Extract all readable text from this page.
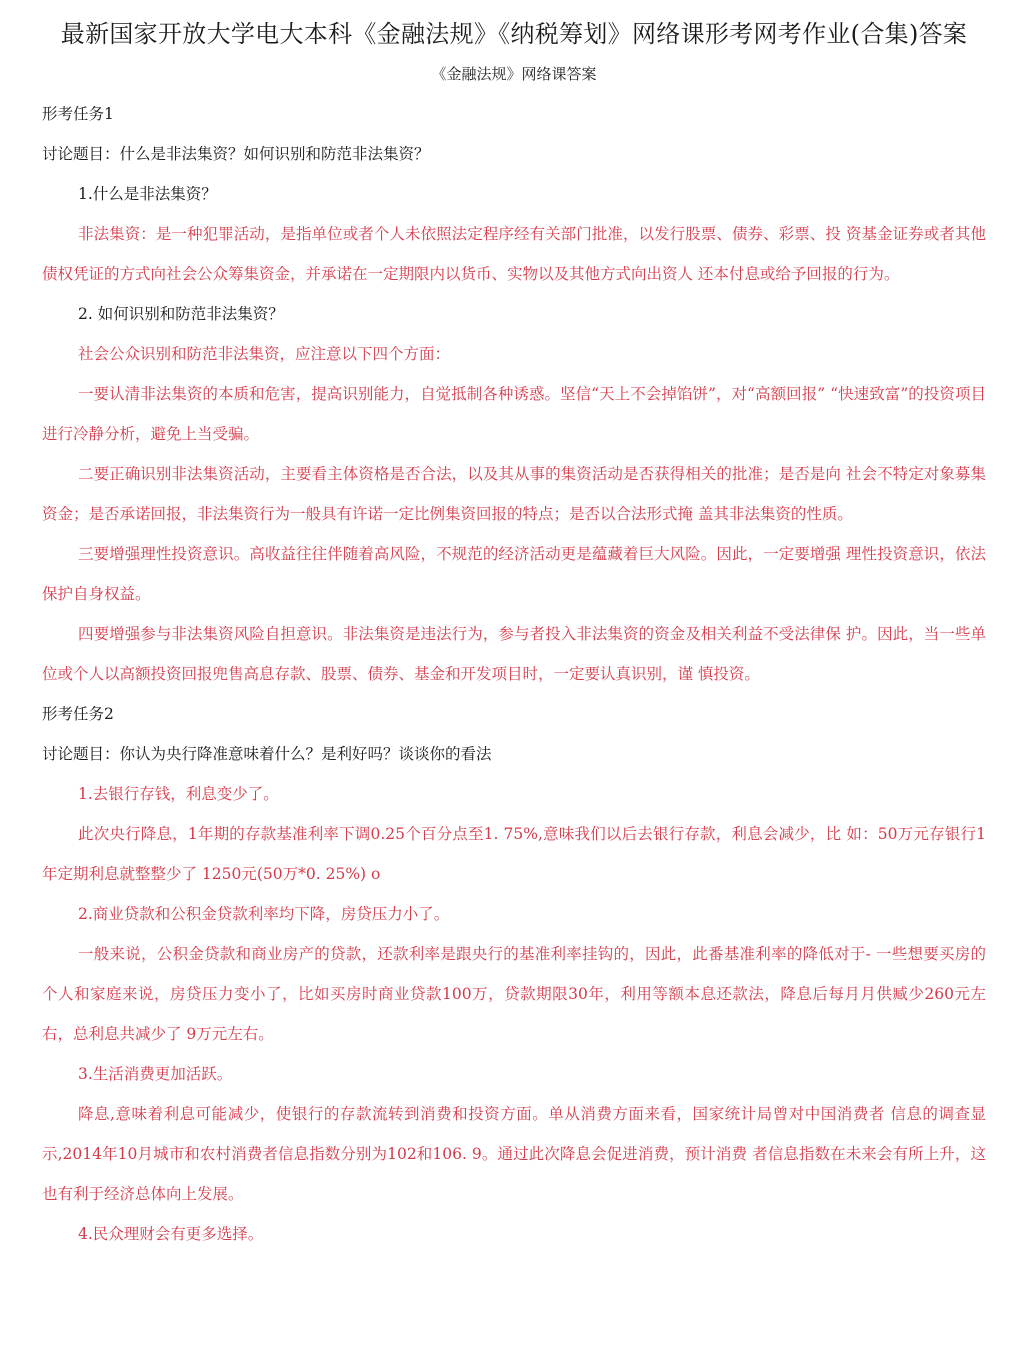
最新国家开放大学电大本科《金融法规》《纳税筹划》网络课形考网考作业(合集)答案
《金融法规》网络课答案
形考任务1
讨论题目：什么是非法集资？如何识别和防范非法集资？
1.什么是非法集资？

非法集资：是一种犯罪活动，是指单位或者个人未依照法定程序经有关部门批准，以发行股票、债券、彩票、投 资基金证券或者其他债权凭证的方式向社会公众筹集资金，并承诺在一定期限内以货币、实物以及其他方式向出资人 还本付息或给予回报的行为。

2. 如何识别和防范非法集资？

社会公众识别和防范非法集资，应注意以下四个方面：

一要认清非法集资的本质和危害，提高识别能力，自觉抵制各种诱惑。坚信“天上不会掉馅饼”，对“高额回报” “快速致富”的投资项目进行冷静分析，避免上当受骗。

二要正确识别非法集资活动，主要看主体资格是否合法，以及其从事的集资活动是否获得相关的批准；是否是向 社会不特定对象募集资金；是否承诺回报，非法集资行为一般具有许诺一定比例集资回报的特点；是否以合法形式掩 盖其非法集资的性质。

三要增强理性投资意识。高收益往往伴随着高风险，不规范的经济活动更是蕴藏着巨大风险。因此，一定要增强 理性投资意识，依法保护自身权益。

四要增强参与非法集资风险自担意识。非法集资是违法行为，参与者投入非法集资的资金及相关利益不受法律保 护。因此，当一些单位或个人以高额投资回报兜售高息存款、股票、债券、基金和开发项目时，一定要认真识别，谨 慎投资。

形考任务2
讨论题目：你认为央行降准意味着什么？是利好吗？谈谈你的看法
1.去银行存钱，利息变少了。

此次央行降息，1年期的存款基准利率下调0.25个百分点至1. 75%,意味我们以后去银行存款，利息会减少，比 如：50万元存银行1年定期利息就整整少了 1250元(50万*0. 25%) o

2.商业贷款和公积金贷款利率均下降，房贷压力小了。

一般来说，公积金贷款和商业房产的贷款，还款利率是跟央行的基准利率挂钩的，因此，此番基准利率的降低对于- 一些想要买房的个人和家庭来说，房贷压力变小了，比如买房时商业贷款100万，贷款期限30年，利用等额本息还款法，降息后每月月供臧少260元左右，总利息共减少了 9万元左右。

3.生活消费更加活跃。

降息,意味着利息可能减少，使银行的存款流转到消费和投资方面。单从消费方面来看，国家统计局曾对中国消费者 信息的调查显示,2014年10月城市和农村消费者信息指数分别为102和106. 9。通过此次降息会促进消费，预计消费 者信息指数在未来会有所上升，这也有利于经济总体向上发展。

4.民众理财会有更多选择。
